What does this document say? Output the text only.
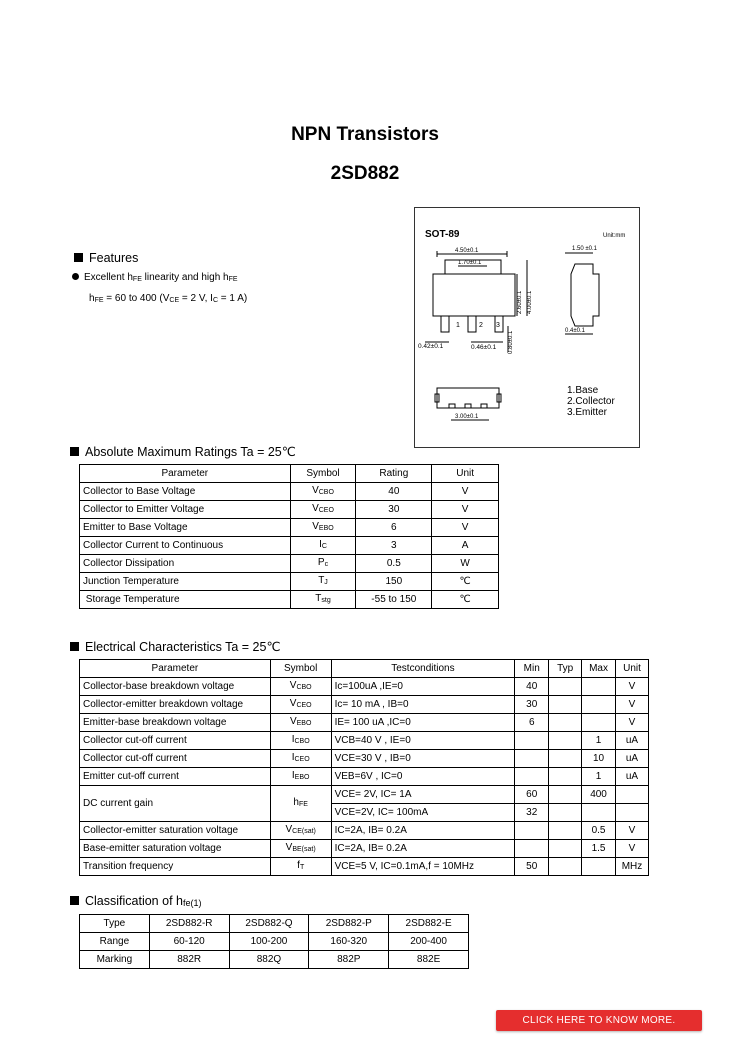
NPN Transistors
2SD882
Features
Excellent $h_{FE}$ linearity and high $h_{FE}$
$h_{FE} = 60$ to 400 ($V_{CE} = 2$ V, $I_C = 1$ A)
SOT-89	Unit:mm
4.50±0.1
1.70±0.1
1	2 3
0.42±0.1	0.46±0.1
2.60±0.1 4.00±0.1
0.80±0.1
1.50 ±0.1
0.4±0.1
3.00±0.1
1.Base
2.Collector
3.Emitter
Absolute Maximum Ratings Ta = 25℃
Parameter	Symbol	Rating	Unit
Collector to Base Voltage	$V_{CBO}$	40	V
Collector to Emitter Voltage	$V_{CEO}$	30	V
Emitter to Base Voltage	$V_{EBO}$	6	V
Collector Current to Continuous	$I_C$	3	A
Collector Dissipation	$P_c$	0.5	W
Junction Temperature	$T_J$	150	℃
Storage Temperature	$T_{stg}$	-55 to 150	℃
Electrical Characteristics Ta = 25℃
Parameter	Symbol	Testconditions	Min	Typ	Max	Unit
Collector-base breakdown voltage	$V_{CBO}$	Ic=100uA ,IE=0	40			V
Collector-emitter breakdown voltage	$V_{CEO}$	Ic= 10 mA , IB=0	30			V
Emitter-base breakdown voltage	$V_{EBO}$	IE= 100 uA ,IC=0	6			V
Collector cut-off current	$I_{CBO}$	VCB=40 V , IE=0			1	uA
Collector cut-off current	$I_{CEO}$	VCE=30 V , IB=0			10	uA
Emitter cut-off current	$I_{EBO}$	VEB=6V , IC=0			1	uA
DC current gain	$h_{FE}$	VCE= 2V, IC= 1A	60		400	
		VCE=2V, IC= 100mA	32			
Collector-emitter saturation voltage	$V_{CE(sat)}$	IC=2A, IB= 0.2A			0.5	V
Base-emitter saturation voltage	$V_{BE(sat)}$	IC=2A, IB= 0.2A			1.5	V
Transition frequency	$f_T$	VCE=5 V, IC=0.1mA,f = 10MHz	50			MHz
Classification of $h_{fe(1)}$
Type	2SD882-R	2SD882-Q	2SD882-P	2SD882-E
Range	60-120	100-200	160-320	200-400
Marking	882R	882Q	882P	882E
CLICK HERE TO KNOW MORE.
